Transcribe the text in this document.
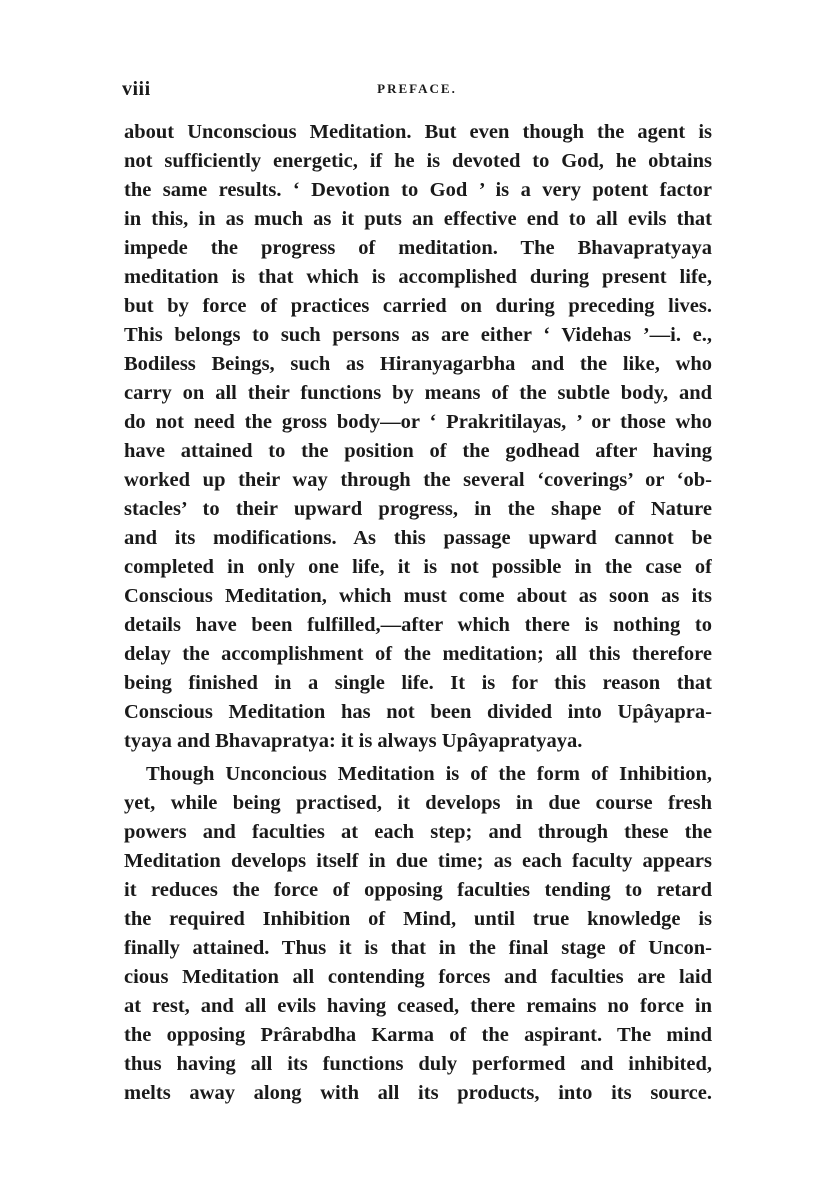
viii	PREFACE.
about Unconscious Meditation. But even though the agent is
not sufficiently energetic, if he is devoted to God, he obtains
the same results. ‘ Devotion to God ’ is a very potent factor
in this, in as much as it puts an effective end to all evils that
impede the progress of meditation. The Bhavapratyaya
meditation is that which is accomplished during present life,
but by force of practices carried on during preceding lives.
This belongs to such persons as are either ‘ Videhas ’—i. e.,
Bodiless Beings, such as Hiranyagarbha and the like, who
carry on all their functions by means of the subtle body, and
do not need the gross body—or ‘ Prakritilayas, ’ or those who
have attained to the position of the godhead after having
worked up their way through the several ‘coverings’ or ‘ob-
stacles’ to their upward progress, in the shape of Nature
and its modifications. As this passage upward cannot be
completed in only one life, it is not possible in the case of
Conscious Meditation, which must come about as soon as its
details have been fulfilled,—after which there is nothing to
delay the accomplishment of the meditation; all this therefore
being finished in a single life. It is for this reason that
Conscious Meditation has not been divided into Upâyapra-
tyaya and Bhavapratya: it is always Upâyapratyaya.
Though Unconcious Meditation is of the form of Inhibition,
yet, while being practised, it develops in due course fresh
powers and faculties at each step; and through these the
Meditation develops itself in due time; as each faculty appears
it reduces the force of opposing faculties tending to retard
the required Inhibition of Mind, until true knowledge is
finally attained. Thus it is that in the final stage of Uncon-
cious Meditation all contending forces and faculties are laid
at rest, and all evils having ceased, there remains no force in
the opposing Prârabdha Karma of the aspirant. The mind
thus having all its functions duly performed and inhibited,
melts away along with all its products, into its source.
